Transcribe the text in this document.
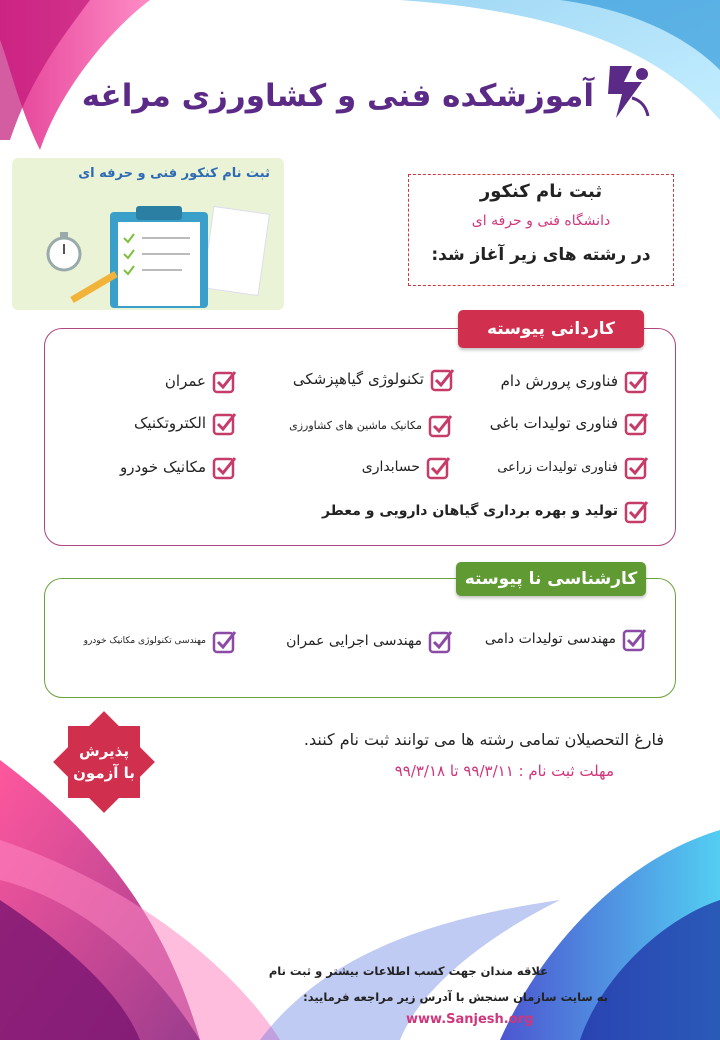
آموزشکده فنی و کشاورزی مراغه
ثبت نام کنکور فنی و حرفه ای
ثبت نام کنکور
دانشگاه فنی و حرفه ای
در رشته های زیر آغاز شد:
کاردانی پیوسته
فناوری پرورش دام
تکنولوژی گیاهپزشکی
عمران
فناوری تولیدات باغی
مکانیک ماشین های کشاورزی
الکتروتکنیک
فناوری تولیدات زراعی
حسابداری
مکانیک خودرو
تولید و بهره برداری گیاهان دارویی و معطر
کارشناسی نا پیوسته
مهندسی تولیدات دامی
مهندسی اجرایی عمران
مهندسی تکنولوژی مکانیک خودرو
پذیرش
با آزمون
فارغ التحصیلان تمامی رشته ها می توانند ثبت نام کنند.
مهلت ثبت نام : ۹۹/۳/۱۱ تا ۹۹/۳/۱۸
علاقه مندان جهت کسب اطلاعات بیشتر و ثبت نام
به سایت سازمان سنجش با آدرس زیر مراجعه فرمایید:
www.Sanjesh.org
